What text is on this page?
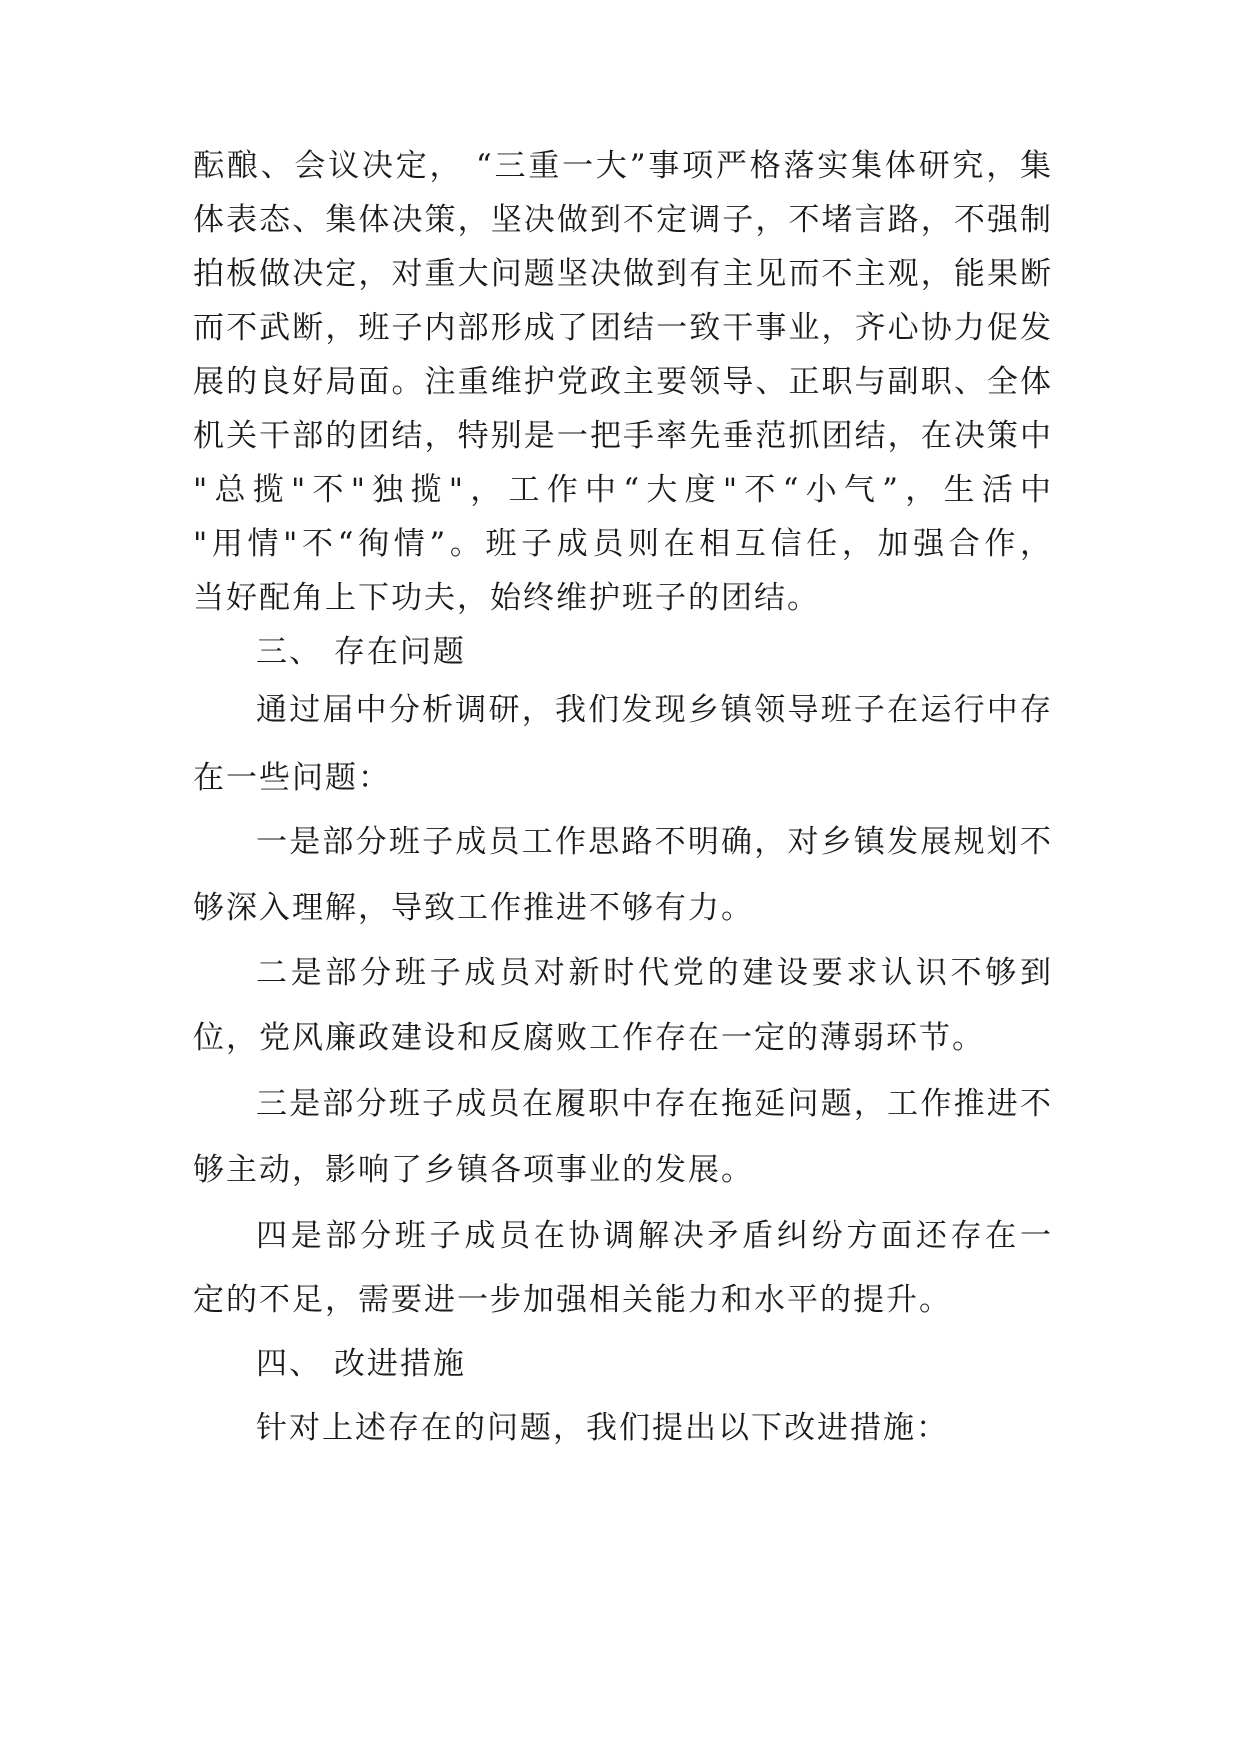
酝酿、会议决定， “三重一大”事项严格落实集体研究，集
体表态、集体决策，坚决做到不定调子，不堵言路，不强制
拍板做决定，对重大问题坚决做到有主见而不主观，能果断
而不武断，班子内部形成了团结一致干事业，齐心协力促发
展的良好局面。注重维护党政主要领导、正职与副职、全体
机关干部的团结，特别是一把手率先垂范抓团结，在决策中
"总揽"不"独揽"，工作中“大度"不“小气”，生活中
"用情"不“徇情”。班子成员则在相互信任，加强合作，
当好配角上下功夫，始终维护班子的团结。
三、 存在问题
通过届中分析调研，我们发现乡镇领导班子在运行中存
在一些问题：
一是部分班子成员工作思路不明确，对乡镇发展规划不
够深入理解，导致工作推进不够有力。
二是部分班子成员对新时代党的建设要求认识不够到
位，党风廉政建设和反腐败工作存在一定的薄弱环节。
三是部分班子成员在履职中存在拖延问题，工作推进不
够主动，影响了乡镇各项事业的发展。
四是部分班子成员在协调解决矛盾纠纷方面还存在一
定的不足，需要进一步加强相关能力和水平的提升。
四、 改进措施
针对上述存在的问题，我们提出以下改进措施：
